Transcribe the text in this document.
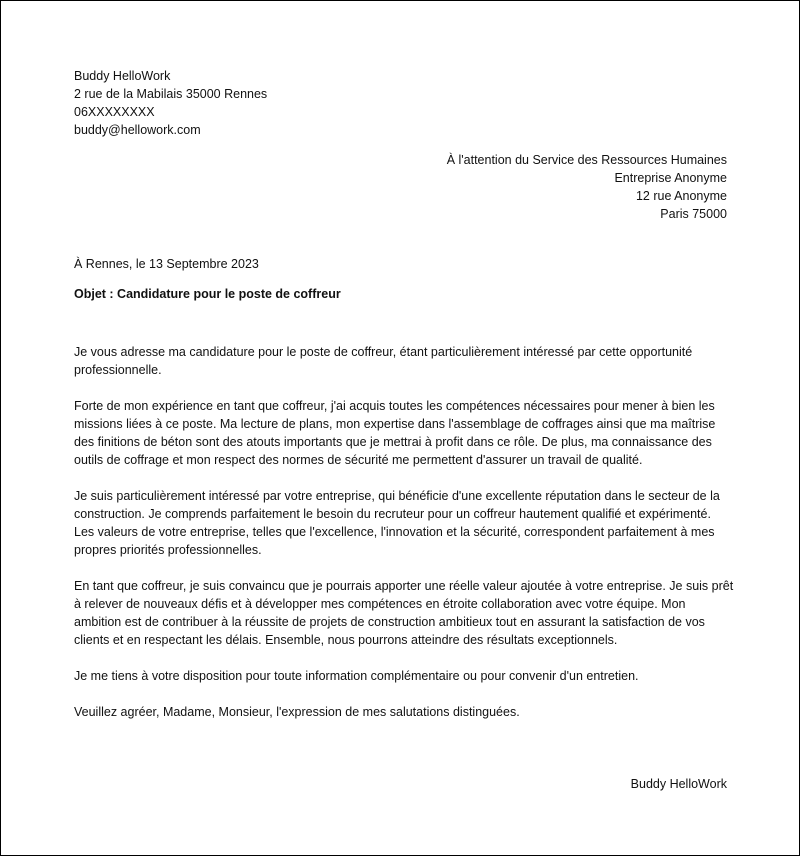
Buddy HelloWork
2 rue de la Mabilais 35000 Rennes
06XXXXXXXX
buddy@hellowork.com
À l'attention du Service des Ressources Humaines
Entreprise Anonyme
12 rue Anonyme
Paris 75000
À Rennes, le 13 Septembre 2023
Objet : Candidature pour le poste de coffreur

Je vous adresse ma candidature pour le poste de coffreur, étant particulièrement intéressé par cette opportunité professionnelle.

Forte de mon expérience en tant que coffreur, j'ai acquis toutes les compétences nécessaires pour mener à bien les missions liées à ce poste. Ma lecture de plans, mon expertise dans l'assemblage de coffrages ainsi que ma maîtrise des finitions de béton sont des atouts importants que je mettrai à profit dans ce rôle. De plus, ma connaissance des outils de coffrage et mon respect des normes de sécurité me permettent d'assurer un travail de qualité.

Je suis particulièrement intéressé par votre entreprise, qui bénéficie d'une excellente réputation dans le secteur de la construction. Je comprends parfaitement le besoin du recruteur pour un coffreur hautement qualifié et expérimenté. Les valeurs de votre entreprise, telles que l'excellence, l'innovation et la sécurité, correspondent parfaitement à mes propres priorités professionnelles.

En tant que coffreur, je suis convaincu que je pourrais apporter une réelle valeur ajoutée à votre entreprise. Je suis prêt à relever de nouveaux défis et à développer mes compétences en étroite collaboration avec votre équipe. Mon ambition est de contribuer à la réussite de projets de construction ambitieux tout en assurant la satisfaction de vos clients et en respectant les délais. Ensemble, nous pourrons atteindre des résultats exceptionnels.

Je me tiens à votre disposition pour toute information complémentaire ou pour convenir d'un entretien.

Veuillez agréer, Madame, Monsieur, l'expression de mes salutations distinguées.

Buddy HelloWork
